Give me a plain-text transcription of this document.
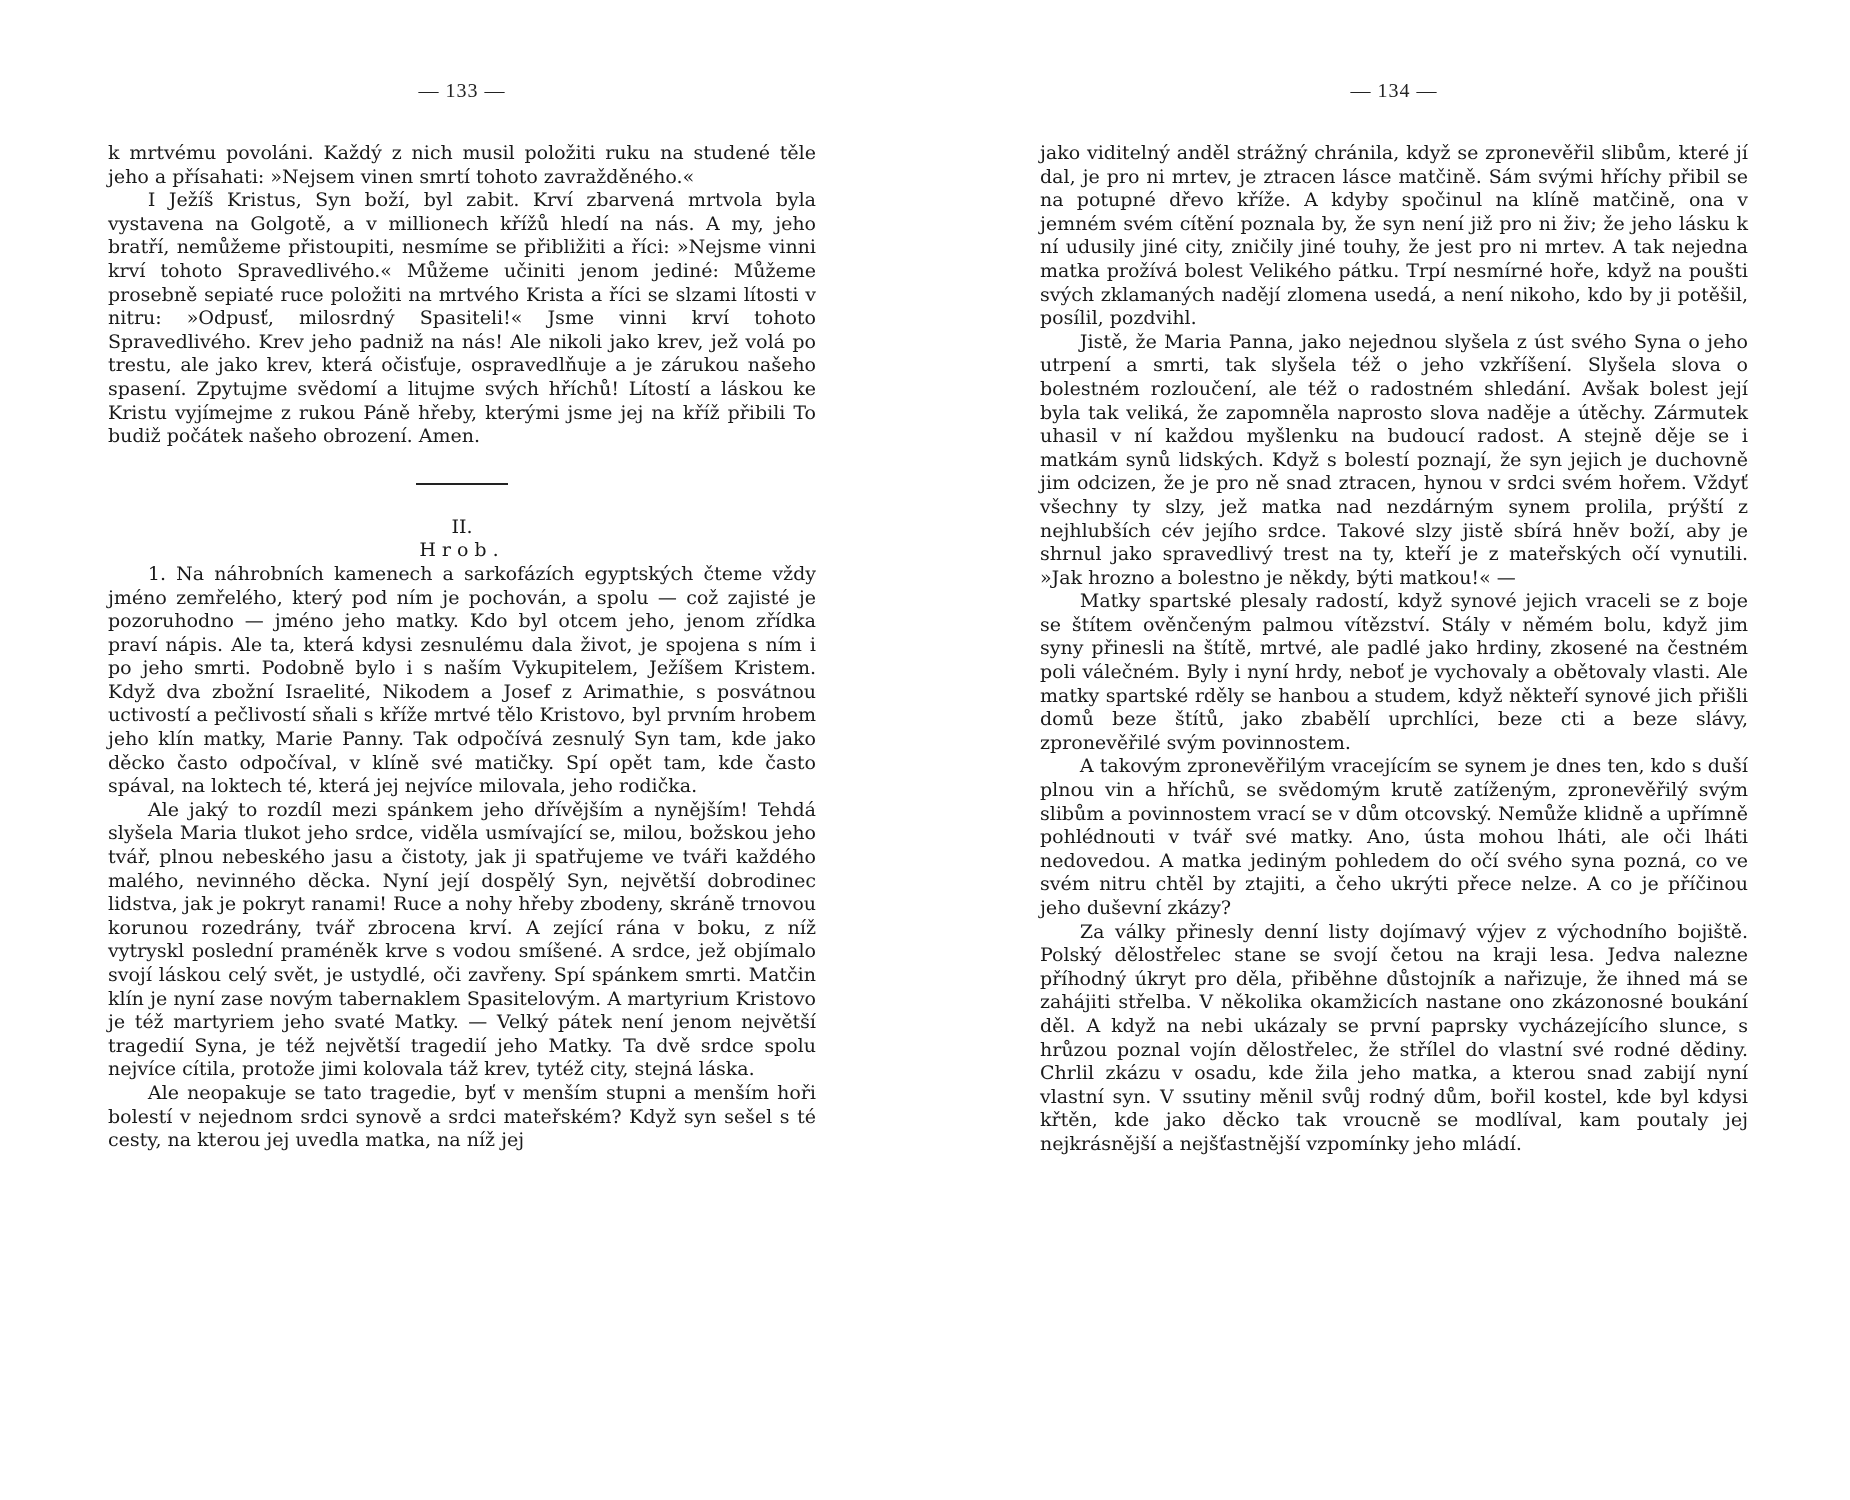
— 133 —

k mrtvému povoláni. Každý z nich musil položiti ruku na studené těle jeho a přísahati: »Nejsem vinen smrtí tohoto zavražděného.«

I Ježíš Kristus, Syn boží, byl zabit. Krví zbarvená mrtvola byla vystavena na Golgotě, a v millionech křížů hledí na nás. A my, jeho bratří, nemůžeme přistoupiti, nesmíme se přibližiti a říci: »Nejsme vinni krví tohoto Spravedlivého.« Můžeme učiniti jenom jediné: Můžeme prosebně sepiaté ruce položiti na mrtvého Krista a říci se slzami lítosti v nitru: »Odpusť, milosrdný Spasiteli!« Jsme vinni krví tohoto Spravedlivého. Krev jeho padniž na nás! Ale nikoli jako krev, jež volá po trestu, ale jako krev, která očisťuje, ospravedlňuje a je zárukou našeho spasení. Zpytujme svědomí a litujme svých hříchů! Lítostí a láskou ke Kristu vyjímejme z rukou Páně hřeby, kterými jsme jej na kříž přibili To budiž počátek našeho obrození. Amen.

II.

Hrob.

1. Na náhrobních kamenech a sarkofázích egyptských čteme vždy jméno zemřelého, který pod ním je pochován, a spolu — což zajisté je pozoruhodno — jméno jeho matky. Kdo byl otcem jeho, jenom zřídka praví nápis. Ale ta, která kdysi zesnulému dala život, je spojena s ním i po jeho smrti. Podobně bylo i s naším Vykupitelem, Ježíšem Kristem. Když dva zbožní Israelité, Nikodem a Josef z Arimathie, s posvátnou uctivostí a pečlivostí sňali s kříže mrtvé tělo Kristovo, byl prvním hrobem jeho klín matky, Marie Panny. Tak odpočívá zesnulý Syn tam, kde jako děcko často odpočíval, v klíně své matičky. Spí opět tam, kde často spával, na loktech té, která jej nejvíce milovala, jeho rodička.

Ale jaký to rozdíl mezi spánkem jeho dřívějším a nynějším! Tehdá slyšela Maria tlukot jeho srdce, viděla usmívající se, milou, božskou jeho tvář, plnou nebeského jasu a čistoty, jak ji spatřujeme ve tváři každého malého, nevinného děcka. Nyní její dospělý Syn, největší dobrodinec lidstva, jak je pokryt ranami! Ruce a nohy hřeby zbodeny, skráně trnovou korunou rozedrány, tvář zbrocena krví. A zející rána v boku, z níž vytryskl poslední praméněk krve s vodou smíšené. A srdce, jež objímalo svojí láskou celý svět, je ustydlé, oči zavřeny. Spí spánkem smrti. Matčin klín je nyní zase novým tabernaklem Spasitelovým. A martyrium Kristovo je též martyriem jeho svaté Matky. — Velký pátek není jenom největší tragedií Syna, je též největší tragedií jeho Matky. Ta dvě srdce spolu nejvíce cítila, protože jimi kolovala táž krev, tytéž city, stejná láska.

Ale neopakuje se tato tragedie, byť v menším stupni a menším hoři bolestí v nejednom srdci synově a srdci mateřském? Když syn sešel s té cesty, na kterou jej uvedla matka, na níž jej

— 134 —

jako viditelný anděl strážný chránila, když se zpronevěřil slibům, které jí dal, je pro ni mrtev, je ztracen lásce matčině. Sám svými hříchy přibil se na potupné dřevo kříže. A kdyby spočinul na klíně matčině, ona v jemném svém cítění poznala by, že syn není již pro ni živ; že jeho lásku k ní udusily jiné city, zničily jiné touhy, že jest pro ni mrtev. A tak nejedna matka prožívá bolest Velikého pátku. Trpí nesmírné hoře, když na poušti svých zklamaných nadějí zlomena usedá, a není nikoho, kdo by ji potěšil, posílil, pozdvihl.

Jistě, že Maria Panna, jako nejednou slyšela z úst svého Syna o jeho utrpení a smrti, tak slyšela též o jeho vzkříšení. Slyšela slova o bolestném rozloučení, ale též o radostném shledání. Avšak bolest její byla tak veliká, že zapomněla naprosto slova naděje a útěchy. Zármutek uhasil v ní každou myšlenku na budoucí radost. A stejně děje se i matkám synů lidských. Když s bolestí poznají, že syn jejich je duchovně jim odcizen, že je pro ně snad ztracen, hynou v srdci svém hořem. Vždyť všechny ty slzy, jež matka nad nezdárným synem prolila, prýští z nejhlubších cév jejího srdce. Takové slzy jistě sbírá hněv boží, aby je shrnul jako spravedlivý trest na ty, kteří je z mateřských očí vynutili. »Jak hrozno a bolestno je někdy, býti matkou!« —

Matky spartské plesaly radostí, když synové jejich vraceli se z boje se štítem ověnčeným palmou vítězství. Stály v němém bolu, když jim syny přinesli na štítě, mrtvé, ale padlé jako hrdiny, zkosené na čestném poli válečném. Byly i nyní hrdy, neboť je vychovaly a obětovaly vlasti. Ale matky spartské rděly se hanbou a studem, když někteří synové jich přišli domů beze štítů, jako zbabělí uprchlíci, beze cti a beze slávy, zpronevěřilé svým povinnostem.

A takovým zpronevěřilým vracejícím se synem je dnes ten, kdo s duší plnou vin a hříchů, se svědomým krutě zatíženým, zpronevěřilý svým slibům a povinnostem vrací se v dům otcovský. Nemůže klidně a upřímně pohlédnouti v tvář své matky. Ano, ústa mohou lháti, ale oči lháti nedovedou. A matka jediným pohledem do očí svého syna pozná, co ve svém nitru chtěl by ztajiti, a čeho ukrýti přece nelze. A co je příčinou jeho duševní zkázy?

Za války přinesly denní listy dojímavý výjev z východního bojiště. Polský dělostřelec stane se svojí četou na kraji lesa. Jedva nalezne příhodný úkryt pro děla, přiběhne důstojník a nařizuje, že ihned má se zahájiti střelba. V několika okamžicích nastane ono zkázonosné boukání děl. A když na nebi ukázaly se první paprsky vycházejícího slunce, s hrůzou poznal vojín dělostřelec, že střílel do vlastní své rodné dědiny. Chrlil zkázu v osadu, kde žila jeho matka, a kterou snad zabijí nyní vlastní syn. V ssutiny měnil svůj rodný dům, bořil kostel, kde byl kdysi křtěn, kde jako děcko tak vroucně se modlíval, kam poutaly jej nejkrásnější a nejšťastnější vzpomínky jeho mládí.
